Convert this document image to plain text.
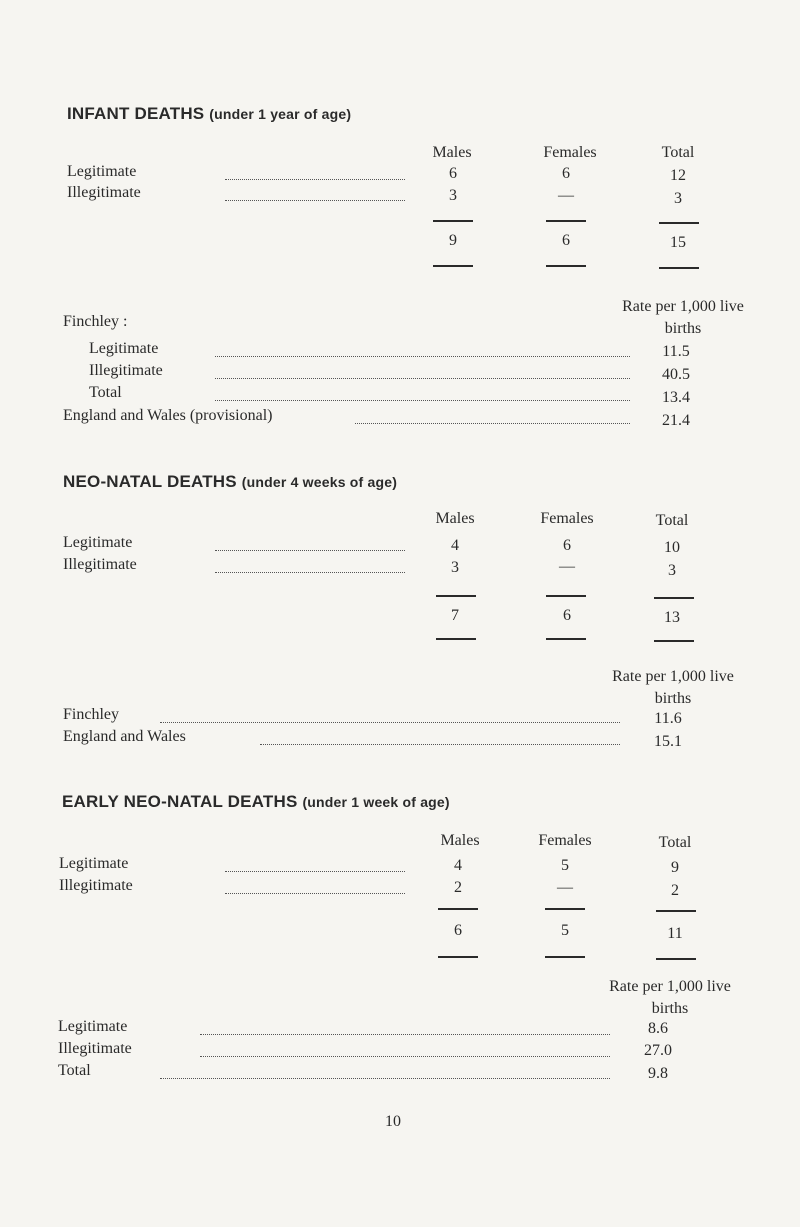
INFANT DEATHS (under 1 year of age)
Males	Females	Total
Legitimate	6	6	12
Illegitimate	3	—	3
9	6	15
Rate per 1,000 live births
Finchley :
Legitimate	11.5
Illegitimate	40.5
Total	13.4
England and Wales (provisional)	21.4
NEO-NATAL DEATHS (under 4 weeks of age)
Males	Females	Total
Legitimate	4	6	10
Illegitimate	3	—	3
7	6	13
Rate per 1,000 live births
Finchley	11.6
England and Wales	15.1
EARLY NEO-NATAL DEATHS (under 1 week of age)
Males	Females	Total
Legitimate	4	5	9
Illegitimate	2	—	2
6	5	11
Rate per 1,000 live births
Legitimate	8.6
Illegitimate	27.0
Total	9.8
10
